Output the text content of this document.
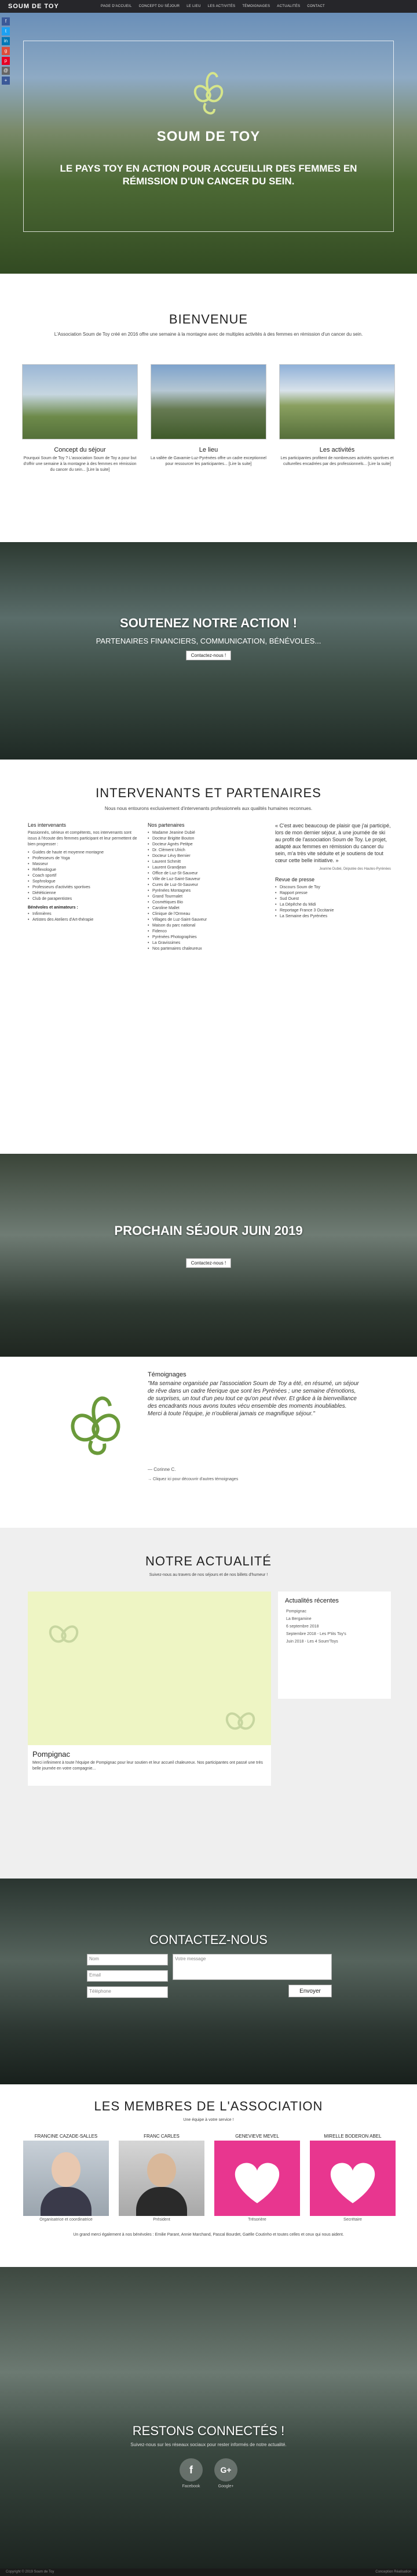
SOUM DE TOY	PAGE D'ACCUEIL CONCEPT DU SÉJOUR LE LIEU LES ACTIVITÉS TÉMOIGNAGES ACTUALITÉS CONTACT
f
t
in
g
p
@
+
SOUM DE TOY
LE PAYS TOY EN ACTION POUR ACCUEILLIR DES FEMMES EN RÉMISSION D'UN CANCER DU SEIN.
BIENVENUE
L'Association Soum de Toy créé en 2016 offre une semaine à la montagne avec de multiples activités à des femmes en rémission d'un cancer du sein.
Concept du séjour	Le lieu	Les activités
Pourquoi Soum de Toy ? L'association Soum de Toy a pour but d'offrir une semaine à la montagne à des femmes en rémission du cancer du sein... [Lire la suite]
La vallée de Gavarnie-Luz-Pyrénées offre un cadre exceptionnel pour ressourcer les participantes... [Lire la suite]
Les participantes profitent de nombreuses activités sportives et culturelles encadrées par des professionnels... [Lire la suite]
SOUTENEZ NOTRE ACTION !
PARTENAIRES FINANCIERS, COMMUNICATION, BÉNÉVOLES...
Contactez-nous !
INTERVENANTS ET PARTENAIRES
Nous nous entourons exclusivement d'intervenants professionnels aux qualités humaines reconnues.
Les intervenants
Passionnés, sérieux et compétents, nos intervenants sont issus à l'écoute des femmes participant et leur permettent de bien progresser :
• Guides de haute et moyenne montagne
• Professeurs de Yoga
• Masseur
• Réflexologue
• Coach sportif
• Sophrologue
• Professeurs d'activités sportives
• Diététicienne
• Club de parapentistes
Bénévoles et animateurs :
• Infirmières
• Artistes des Ateliers d'Art-thérapie
Nos partenaires
• Madame Jeanine Dubié
• Docteur Brigitte Bouton
• Docteur Agnès Petitpe
• Dr. Clément Ulrich
• Docteur Lévy Bernier
• Laurent Schmitt
• Laurent Grandjean
• Office de Luz-St-Sauveur
• Ville de Luz-Saint-Sauveur
• Cures de Luz-St-Sauveur
• Pyrénées Montagnes
• Grand Tourmalet
• Cosmétiques Bio
• Caroline Mallet
• Clinique de l'Ormeau
• Villages de Luz-Saint-Sauveur
• Maison du parc national
• Fidenco
• Pyrénées Photographies
• La Gravissimes
• Nos partenaires chaleureux
« C'est avec beaucoup de plaisir que j'ai participé, lors de mon dernier séjour, à une journée de ski au profit de l'association Soum de Toy. Le projet, adapté aux femmes en rémission du cancer du sein, m'a très vite séduite et je soutiens de tout cœur cette belle initiative. »
Jeanine Dubié, Députée des Hautes-Pyrénées
Revue de presse
• Discours Soum de Toy
• Rapport presse
• Sud Ouest
• La Dépêche du Midi
• Reportage France 3 Occitanie
• La Semaine des Pyrénées
PROCHAIN SÉJOUR JUIN 2019
Contactez-nous !
Témoignages
"Ma semaine organisée par l'association Soum de Toy a été, en résumé, un séjour de rêve dans un cadre féerique que sont les Pyrénées ; une semaine d'émotions, de surprises, un tout d'un peu tout ce qu'on peut rêver. Et grâce à la bienveillance des encadrants nous avons toutes vécu ensemble des moments inoubliables. Merci à toute l'équipe, je n'oublierai jamais ce magnifique séjour."
— Corinne C.
→ Cliquez ici pour découvrir d'autres témoignages
NOTRE ACTUALITÉ
Suivez-nous au travers de nos séjours et de nos billets d'humeur !
Pompignac
Merci infiniment à toute l'équipe de Pompignac pour leur soutien et leur accueil chaleureux. Nos participantes ont passé une très belle journée en votre compagnie...
Actualités récentes
Pompignac
La Bergamine
6 septembre 2018
Septembre 2018 - Les P'tits Toy's
Juin 2018 - Les 4 Soum'Toys
CONTACTEZ-NOUS
Nom
Email
Téléphone
Votre message
Envoyer
LES MEMBRES DE L'ASSOCIATION
Une équipe à votre service !
FRANCINE CAZADE-SALLES
Organisatrice et coordinatrice
FRANC CARLES
Président
GENEVIEVE MEVEL
Trésorière
MIRELLE BODERON ABEL
Secrétaire
Un grand merci également à nos bénévoles : Emilie Parant, Annie Marchand, Pascal Bourdet, Gaëlle Coutinho et toutes celles et ceux qui nous aident.
RESTONS CONNECTÉS !
Suivez-nous sur les réseaux sociaux pour rester informés de notre actualité.
f	G+
Facebook	Google+
Copyright © 2019 Soum de Toy	Conception Réalisation
